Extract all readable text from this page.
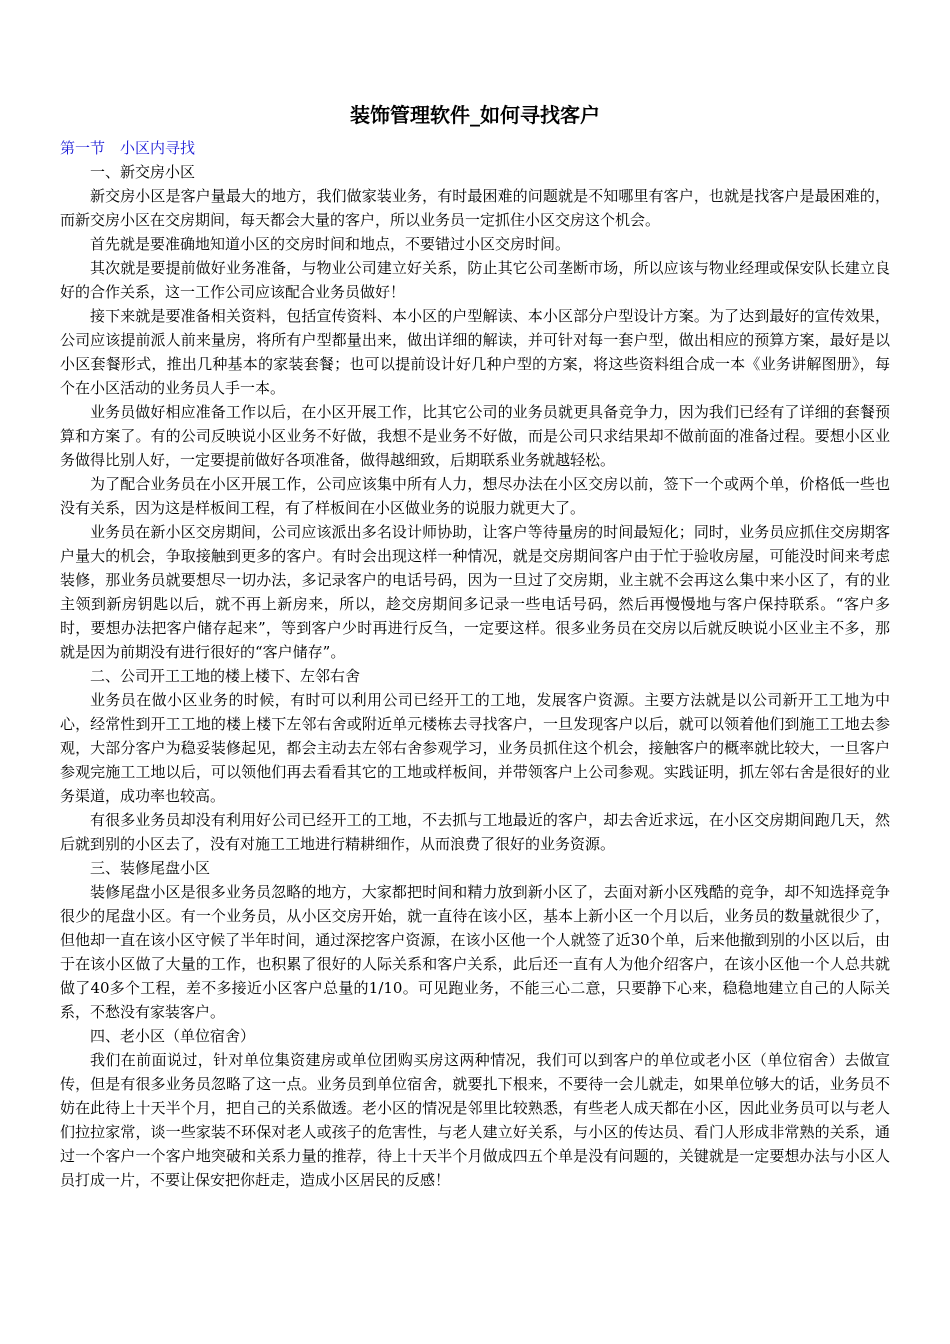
装饰管理软件_如何寻找客户

第一节　小区内寻找

一、新交房小区

新交房小区是客户量最大的地方，我们做家装业务，有时最困难的问题就是不知哪里有客户，也就是找客户是最困难的，而新交房小区在交房期间，每天都会大量的客户，所以业务员一定抓住小区交房这个机会。

首先就是要准确地知道小区的交房时间和地点，不要错过小区交房时间。

其次就是要提前做好业务准备，与物业公司建立好关系，防止其它公司垄断市场，所以应该与物业经理或保安队长建立良好的合作关系，这一工作公司应该配合业务员做好！

接下来就是要准备相关资料，包括宣传资料、本小区的户型解读、本小区部分户型设计方案。为了达到最好的宣传效果，公司应该提前派人前来量房，将所有户型都量出来，做出详细的解读，并可针对每一套户型，做出相应的预算方案，最好是以小区套餐形式，推出几种基本的家装套餐；也可以提前设计好几种户型的方案，将这些资料组合成一本《业务讲解图册》，每个在小区活动的业务员人手一本。

业务员做好相应准备工作以后，在小区开展工作，比其它公司的业务员就更具备竞争力，因为我们已经有了详细的套餐预算和方案了。有的公司反映说小区业务不好做，我想不是业务不好做，而是公司只求结果却不做前面的准备过程。要想小区业务做得比别人好，一定要提前做好各项准备，做得越细致，后期联系业务就越轻松。

为了配合业务员在小区开展工作，公司应该集中所有人力，想尽办法在小区交房以前，签下一个或两个单，价格低一些也没有关系，因为这是样板间工程，有了样板间在小区做业务的说服力就更大了。

业务员在新小区交房期间，公司应该派出多名设计师协助，让客户等待量房的时间最短化；同时，业务员应抓住交房期客户量大的机会，争取接触到更多的客户。有时会出现这样一种情况，就是交房期间客户由于忙于验收房屋，可能没时间来考虑装修，那业务员就要想尽一切办法，多记录客户的电话号码，因为一旦过了交房期，业主就不会再这么集中来小区了，有的业主领到新房钥匙以后，就不再上新房来，所以，趁交房期间多记录一些电话号码，然后再慢慢地与客户保持联系。“客户多时，要想办法把客户储存起来”，等到客户少时再进行反刍，一定要这样。很多业务员在交房以后就反映说小区业主不多，那就是因为前期没有进行很好的“客户储存”。

二、公司开工工地的楼上楼下、左邻右舍

业务员在做小区业务的时候，有时可以利用公司已经开工的工地，发展客户资源。主要方法就是以公司新开工工地为中心，经常性到开工工地的楼上楼下左邻右舍或附近单元楼栋去寻找客户，一旦发现客户以后，就可以领着他们到施工工地去参观，大部分客户为稳妥装修起见，都会主动去左邻右舍参观学习，业务员抓住这个机会，接触客户的概率就比较大，一旦客户参观完施工工地以后，可以领他们再去看看其它的工地或样板间，并带领客户上公司参观。实践证明，抓左邻右舍是很好的业务渠道，成功率也较高。

有很多业务员却没有利用好公司已经开工的工地，不去抓与工地最近的客户，却去舍近求远，在小区交房期间跑几天，然后就到别的小区去了，没有对施工工地进行精耕细作，从而浪费了很好的业务资源。

三、装修尾盘小区

装修尾盘小区是很多业务员忽略的地方，大家都把时间和精力放到新小区了，去面对新小区残酷的竞争，却不知选择竞争很少的尾盘小区。有一个业务员，从小区交房开始，就一直待在该小区，基本上新小区一个月以后，业务员的数量就很少了，但他却一直在该小区守候了半年时间，通过深挖客户资源，在该小区他一个人就签了近30个单，后来他撤到别的小区以后，由于在该小区做了大量的工作，也积累了很好的人际关系和客户关系，此后还一直有人为他介绍客户，在该小区他一个人总共就做了40多个工程，差不多接近小区客户总量的1/10。可见跑业务，不能三心二意，只要静下心来，稳稳地建立自己的人际关系，不愁没有家装客户。

四、老小区（单位宿舍）

我们在前面说过，针对单位集资建房或单位团购买房这两种情况，我们可以到客户的单位或老小区（单位宿舍）去做宣传，但是有很多业务员忽略了这一点。业务员到单位宿舍，就要扎下根来，不要待一会儿就走，如果单位够大的话，业务员不妨在此待上十天半个月，把自己的关系做透。老小区的情况是邻里比较熟悉，有些老人成天都在小区，因此业务员可以与老人们拉拉家常，谈一些家装不环保对老人或孩子的危害性，与老人建立好关系，与小区的传达员、看门人形成非常熟的关系，通过一个客户一个客户地突破和关系力量的推荐，待上十天半个月做成四五个单是没有问题的，关键就是一定要想办法与小区人员打成一片，不要让保安把你赶走，造成小区居民的反感！
